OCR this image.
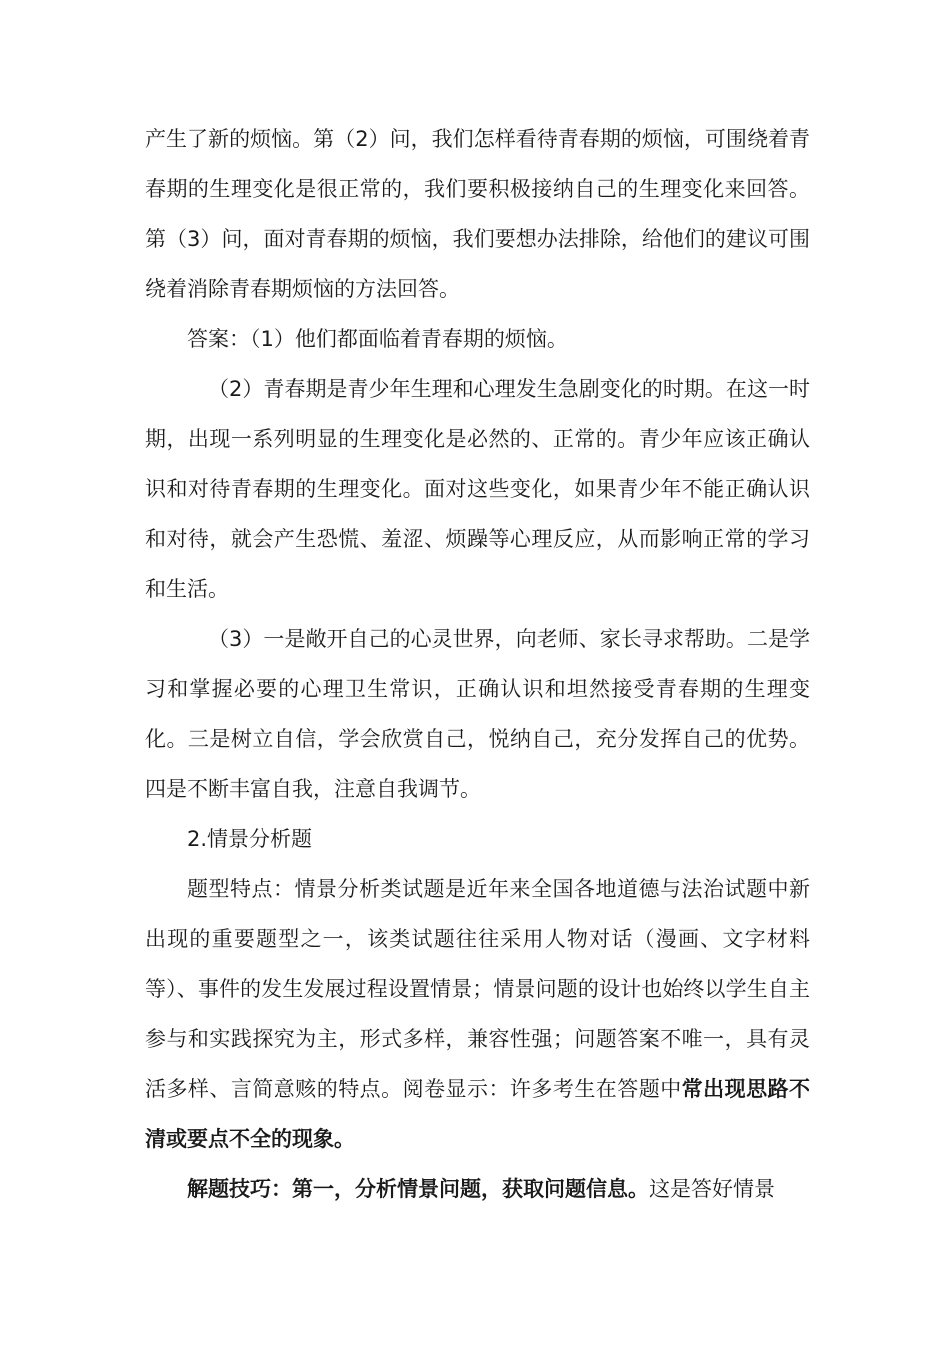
产生了新的烦恼。第（2）问，我们怎样看待青春期的烦恼，可围绕着青春期的生理变化是很正常的，我们要积极接纳自己的生理变化来回答。第（3）问，面对青春期的烦恼，我们要想办法排除，给他们的建议可围绕着消除青春期烦恼的方法回答。

答案：（1）他们都面临着青春期的烦恼。

（2）青春期是青少年生理和心理发生急剧变化的时期。在这一时期，出现一系列明显的生理变化是必然的、正常的。青少年应该正确认识和对待青春期的生理变化。面对这些变化，如果青少年不能正确认识和对待，就会产生恐慌、羞涩、烦躁等心理反应，从而影响正常的学习和生活。

（3）一是敞开自己的心灵世界，向老师、家长寻求帮助。二是学习和掌握必要的心理卫生常识，正确认识和坦然接受青春期的生理变化。三是树立自信，学会欣赏自己，悦纳自己，充分发挥自己的优势。四是不断丰富自我，注意自我调节。

2.情景分析题

题型特点：情景分析类试题是近年来全国各地道德与法治试题中新出现的重要题型之一，该类试题往往采用人物对话（漫画、文字材料等）、事件的发生发展过程设置情景；情景问题的设计也始终以学生自主参与和实践探究为主，形式多样，兼容性强；问题答案不唯一，具有灵活多样、言简意赅的特点。阅卷显示：许多考生在答题中常出现思路不清或要点不全的现象。

解题技巧：第一，分析情景问题，获取问题信息。这是答好情景
